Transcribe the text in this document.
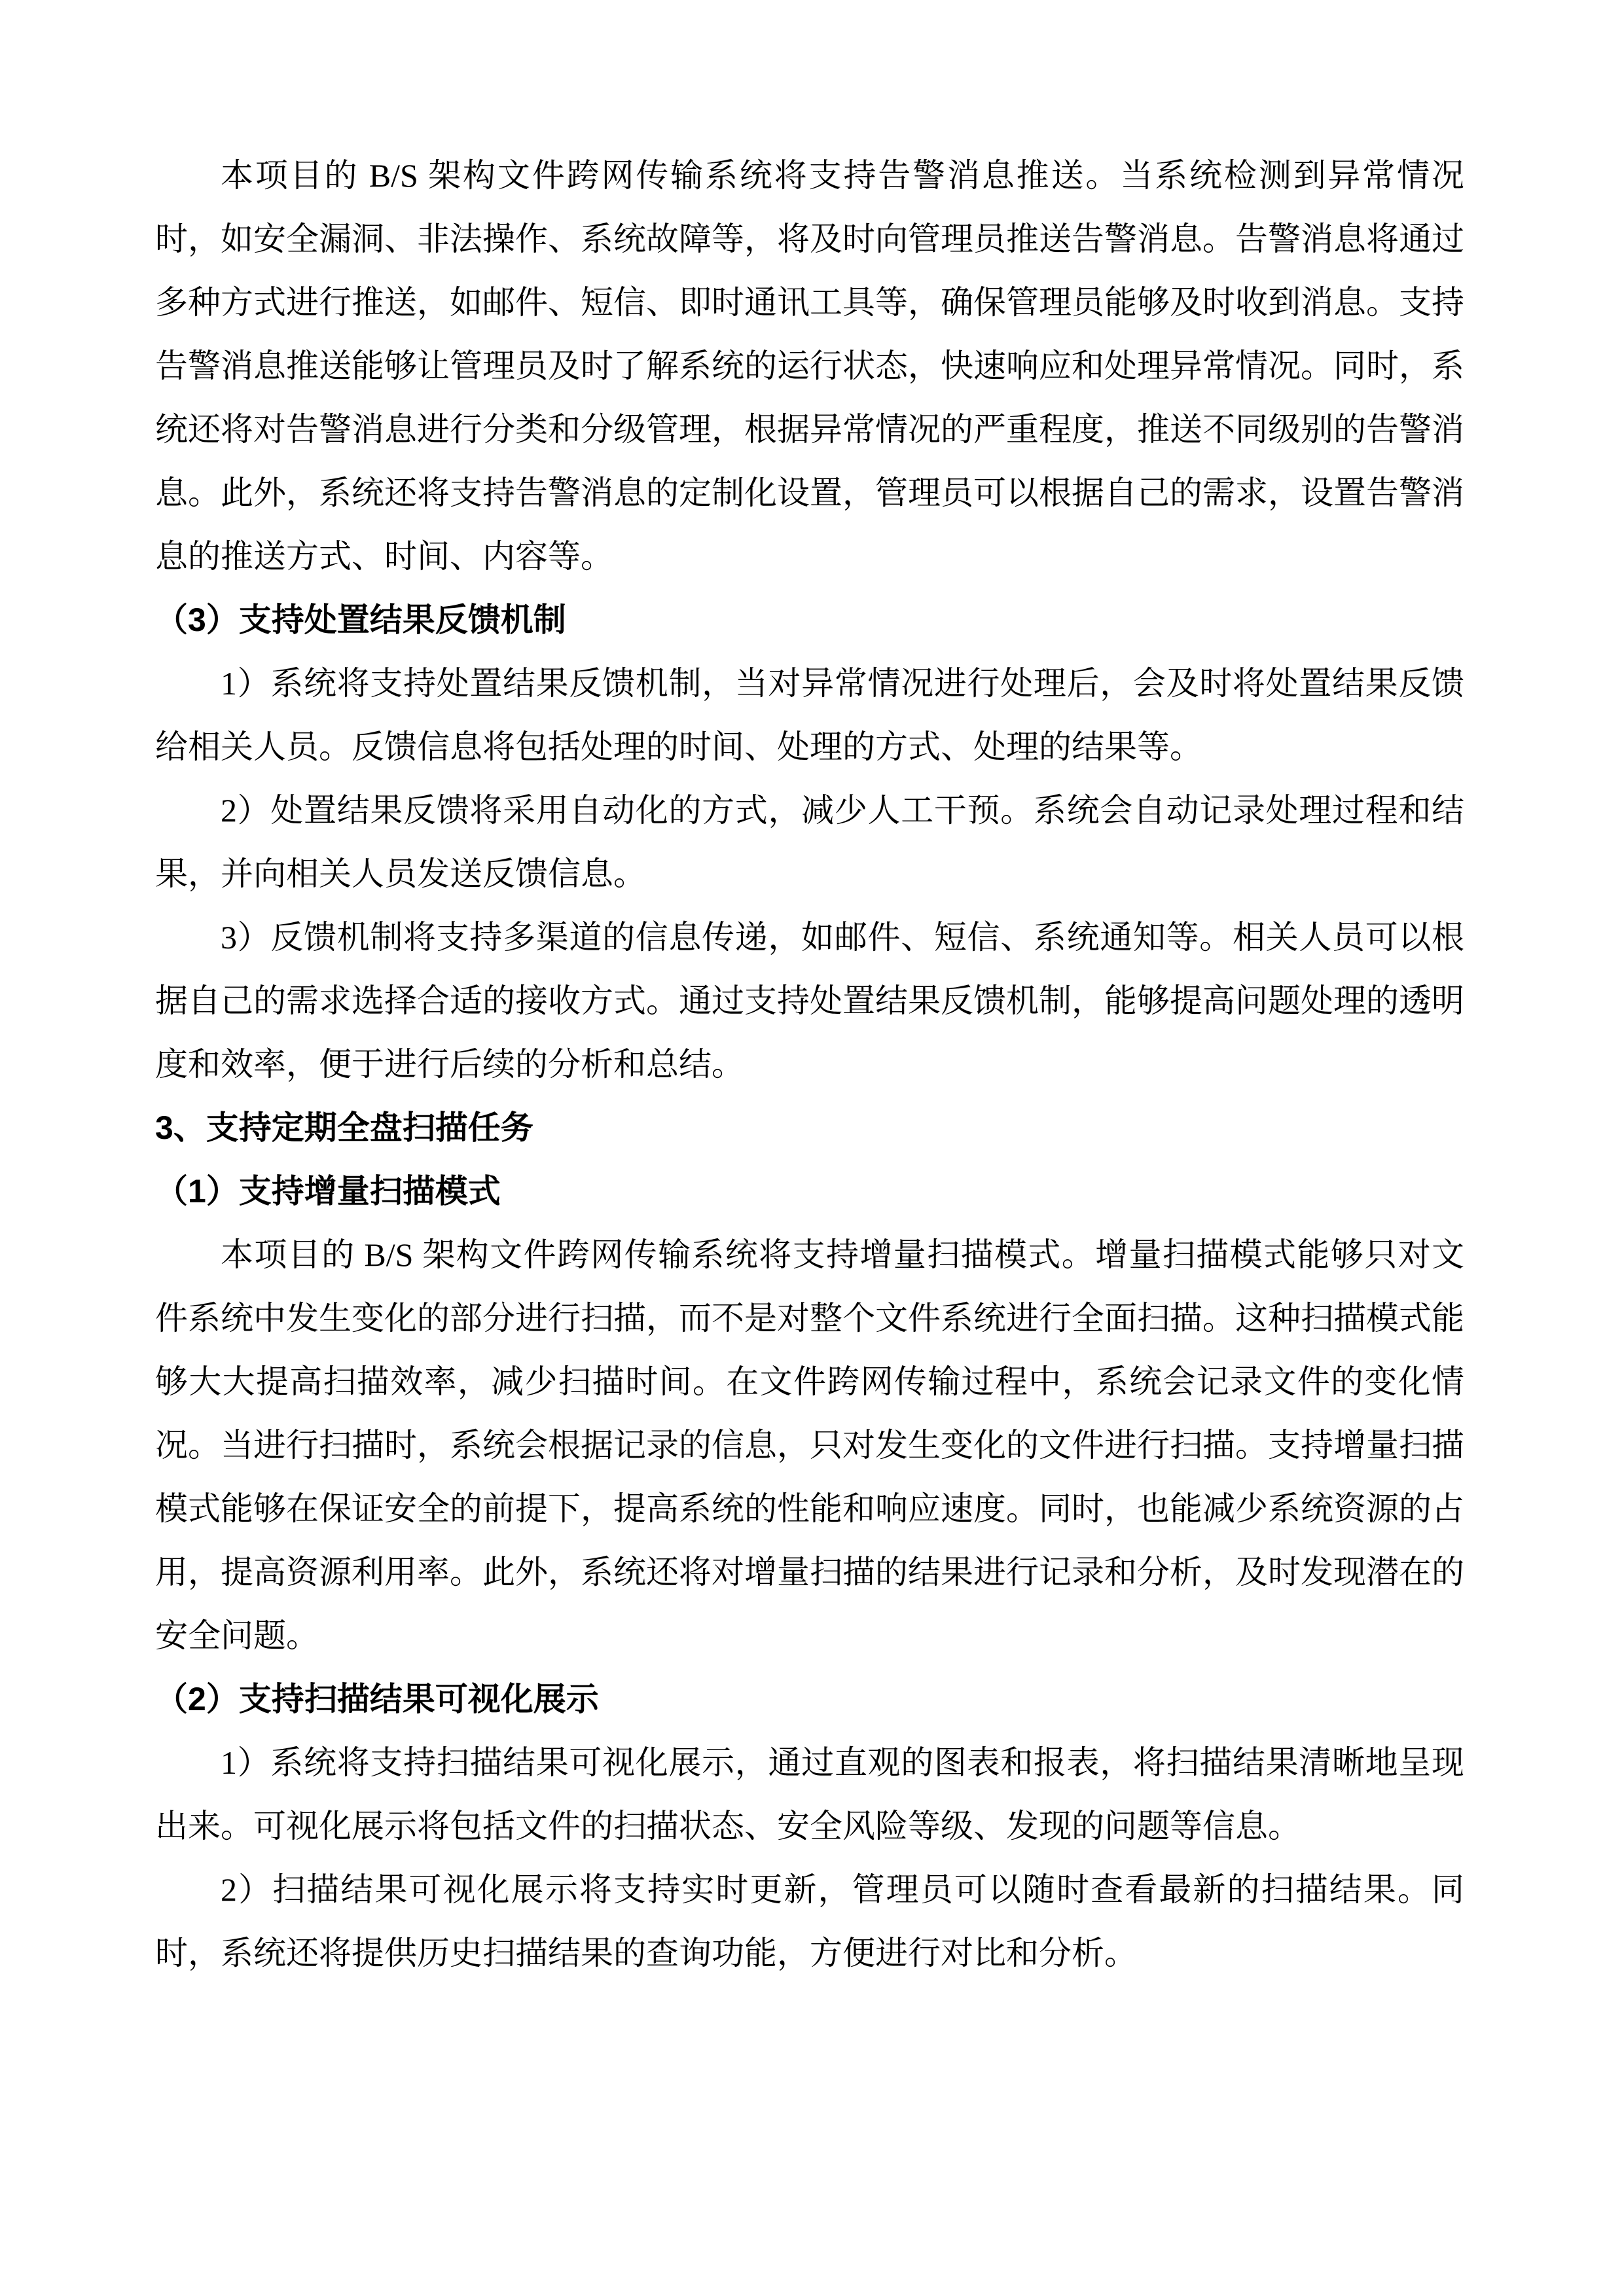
本项目的 B/S 架构文件跨网传输系统将支持告警消息推送。当系统检测到异常情况时，如安全漏洞、非法操作、系统故障等，将及时向管理员推送告警消息。告警消息将通过多种方式进行推送，如邮件、短信、即时通讯工具等，确保管理员能够及时收到消息。支持告警消息推送能够让管理员及时了解系统的运行状态，快速响应和处理异常情况。同时，系统还将对告警消息进行分类和分级管理，根据异常情况的严重程度，推送不同级别的告警消息。此外，系统还将支持告警消息的定制化设置，管理员可以根据自己的需求，设置告警消息的推送方式、时间、内容等。

（3）支持处置结果反馈机制

1）系统将支持处置结果反馈机制，当对异常情况进行处理后，会及时将处置结果反馈给相关人员。反馈信息将包括处理的时间、处理的方式、处理的结果等。

2）处置结果反馈将采用自动化的方式，减少人工干预。系统会自动记录处理过程和结果，并向相关人员发送反馈信息。

3）反馈机制将支持多渠道的信息传递，如邮件、短信、系统通知等。相关人员可以根据自己的需求选择合适的接收方式。通过支持处置结果反馈机制，能够提高问题处理的透明度和效率，便于进行后续的分析和总结。

3、支持定期全盘扫描任务
（1）支持增量扫描模式

本项目的 B/S 架构文件跨网传输系统将支持增量扫描模式。增量扫描模式能够只对文件系统中发生变化的部分进行扫描，而不是对整个文件系统进行全面扫描。这种扫描模式能够大大提高扫描效率，减少扫描时间。在文件跨网传输过程中，系统会记录文件的变化情况。当进行扫描时，系统会根据记录的信息，只对发生变化的文件进行扫描。支持增量扫描模式能够在保证安全的前提下，提高系统的性能和响应速度。同时，也能减少系统资源的占用，提高资源利用率。此外，系统还将对增量扫描的结果进行记录和分析，及时发现潜在的安全问题。

（2）支持扫描结果可视化展示

1）系统将支持扫描结果可视化展示，通过直观的图表和报表，将扫描结果清晰地呈现出来。可视化展示将包括文件的扫描状态、安全风险等级、发现的问题等信息。

2）扫描结果可视化展示将支持实时更新，管理员可以随时查看最新的扫描结果。同时，系统还将提供历史扫描结果的查询功能，方便进行对比和分析。
